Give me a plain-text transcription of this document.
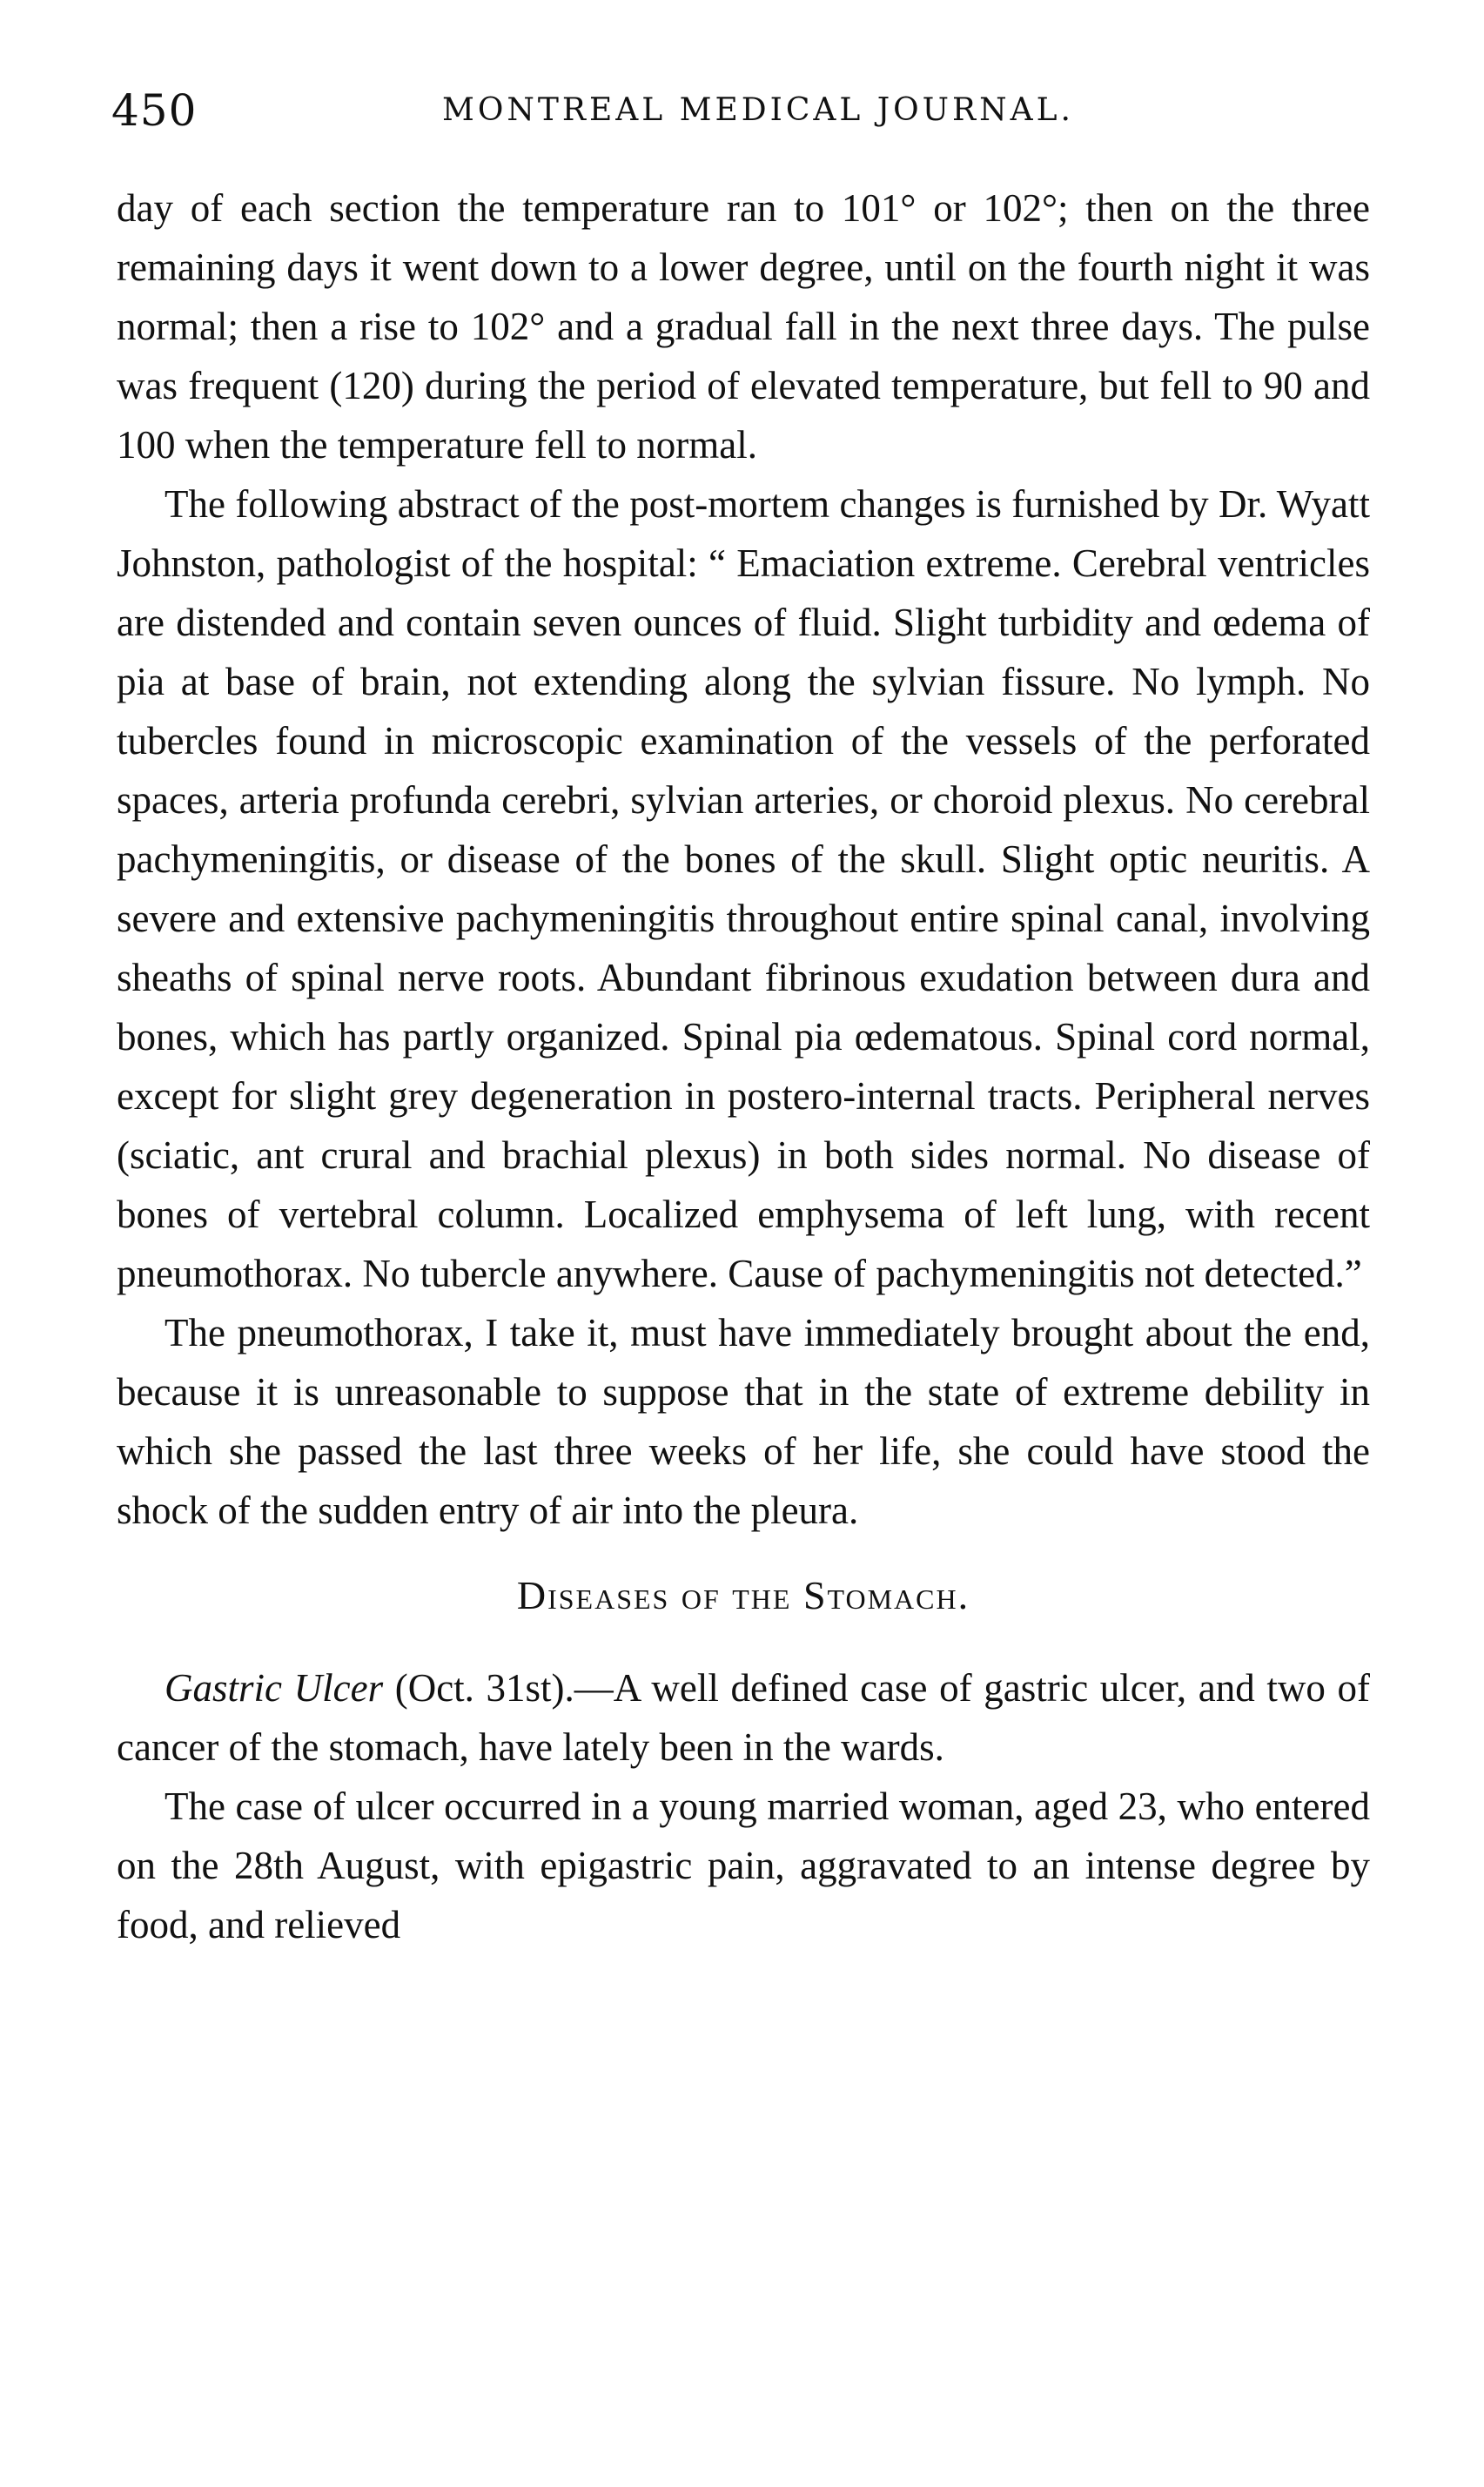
450	MONTREAL MEDICAL JOURNAL.

day of each section the temperature ran to 101° or 102°; then on the three remaining days it went down to a lower degree, until on the fourth night it was normal; then a rise to 102° and a gradual fall in the next three days. The pulse was frequent (120) during the period of elevated temperature, but fell to 90 and 100 when the temperature fell to normal.

The following abstract of the post-mortem changes is furnished by Dr. Wyatt Johnston, pathologist of the hospital: “ Emaciation extreme. Cerebral ventricles are distended and contain seven ounces of fluid. Slight turbidity and œdema of pia at base of brain, not extending along the sylvian fissure. No lymph. No tubercles found in microscopic examination of the vessels of the perforated spaces, arteria profunda cerebri, sylvian arteries, or choroid plexus. No cerebral pachymeningitis, or disease of the bones of the skull. Slight optic neuritis. A severe and extensive pachymeningitis throughout entire spinal canal, involving sheaths of spinal nerve roots. Abundant fibrinous exudation between dura and bones, which has partly organized. Spinal pia œdematous. Spinal cord normal, except for slight grey degeneration in postero-internal tracts. Peripheral nerves (sciatic, ant crural and brachial plexus) in both sides normal. No disease of bones of vertebral column. Localized emphysema of left lung, with recent pneumothorax. No tubercle anywhere. Cause of pachymeningitis not detected.”

The pneumothorax, I take it, must have immediately brought about the end, because it is unreasonable to suppose that in the state of extreme debility in which she passed the last three weeks of her life, she could have stood the shock of the sudden entry of air into the pleura.

Diseases of the Stomach.

Gastric Ulcer (Oct. 31st).—A well defined case of gastric ulcer, and two of cancer of the stomach, have lately been in the wards.

The case of ulcer occurred in a young married woman, aged 23, who entered on the 28th August, with epigastric pain, aggravated to an intense degree by food, and relieved
